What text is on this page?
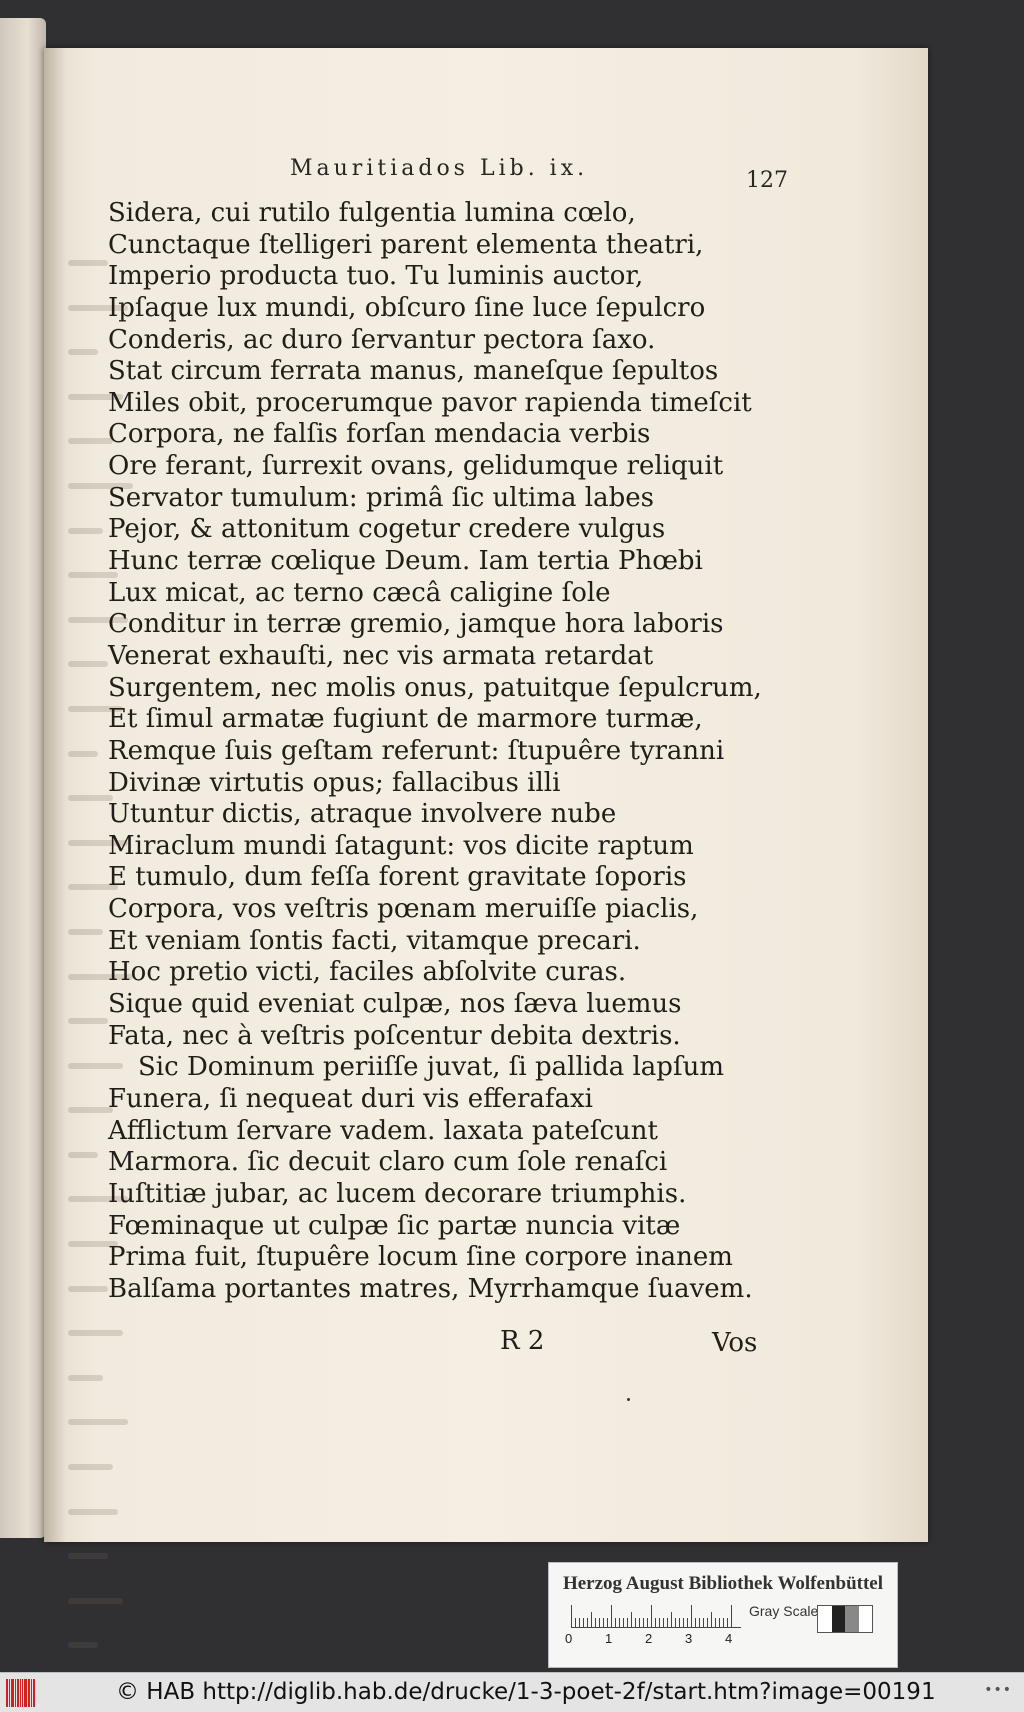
Mauritiados Lib. ix.	127
Sidera, cui rutilo fulgentia lumina cœlo,
Cunctaque ſtelligeri parent elementa theatri,
Imperio producta tuo. Tu luminis auctor,
Ipſaque lux mundi, obſcuro ſine luce ſepulcro
Conderis, ac duro ſervantur pectora ſaxo.
Stat circum ferrata manus, maneſque ſepultos
Miles obit, procerumque pavor rapienda timeſcit
Corpora, ne falſis forſan mendacia verbis
Ore ferant, ſurrexit ovans, gelidumque reliquit
Servator tumulum: primâ ſic ultima labes
Pejor, & attonitum cogetur credere vulgus
Hunc terræ cœlique Deum. Iam tertia Phœbi
Lux micat, ac terno cæcâ caligine ſole
Conditur in terræ gremio, jamque hora laboris
Venerat exhauſti, nec vis armata retardat
Surgentem, nec molis onus, patuitque ſepulcrum,
Et ſimul armatæ fugiunt de marmore turmæ,
Remque ſuis geſtam referunt: ſtupuêre tyranni
Divinæ virtutis opus; fallacibus illi
Utuntur dictis, atraque involvere nube
Miraclum mundi ſatagunt: vos dicite raptum
E tumulo, dum feſſa forent gravitate ſoporis
Corpora, vos veſtris pœnam meruiſſe piaclis,
Et veniam ſontis facti, vitamque precari.
Hoc pretio victi, faciles abſolvite curas.
Sique quid eveniat culpæ, nos ſæva luemus
Fata, nec à veſtris poſcentur debita dextris.
Sic Dominum periiſſe juvat, ſi pallida lapſum
Funera, ſi nequeat duri vis efferafaxi
Afflictum ſervare vadem. laxata pateſcunt
Marmora. ſic decuit claro cum ſole renaſci
Iuſtitiæ jubar, ac lucem decorare triumphis.
Fœminaque ut culpæ ſic partæ nuncia vitæ
Prima fuit, ſtupuêre locum ſine corpore inanem
Balſama portantes matres, Myrrhamque ſuavem.
R 2	Vos
Herzog August Bibliothek Wolfenbüttel
0	1	2	3	4
Gray Scale
© HAB http://diglib.hab.de/drucke/1-3-poet-2f/start.htm?image=00191	•••
